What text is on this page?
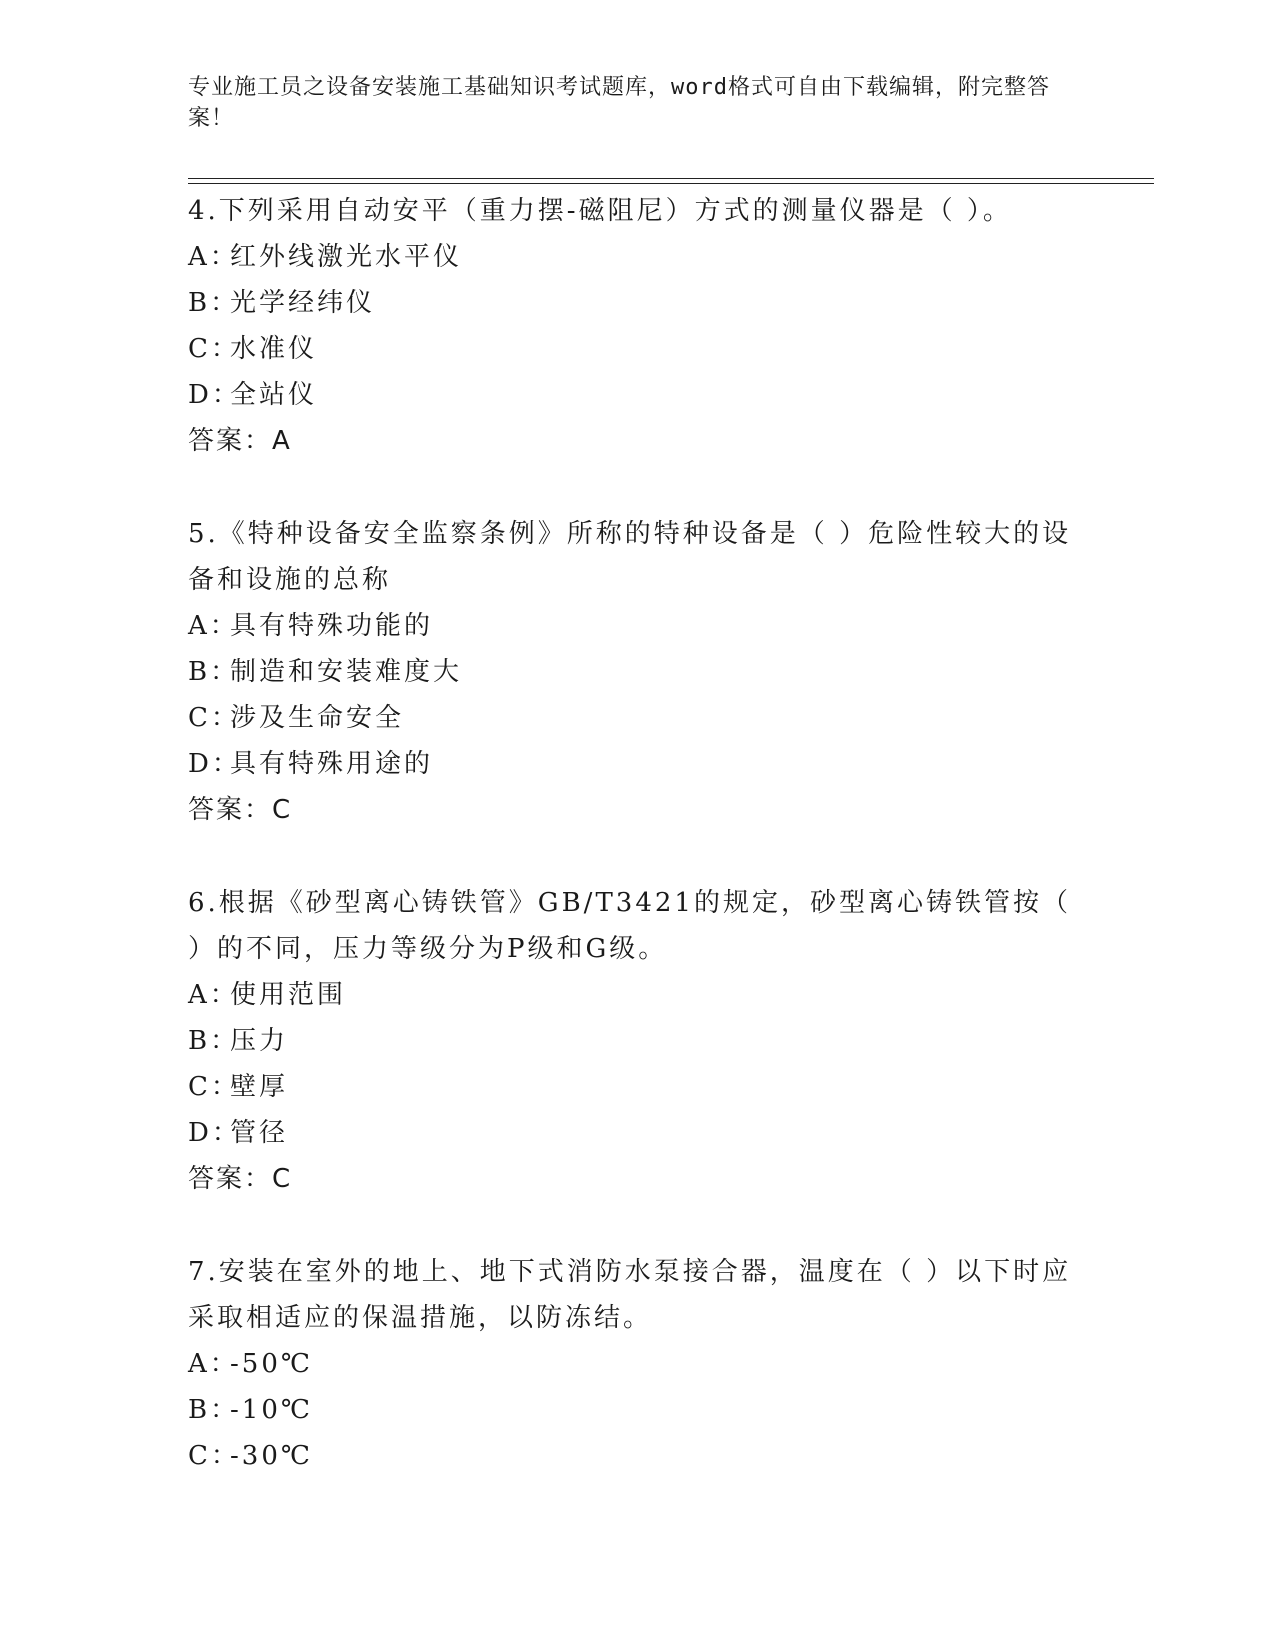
专业施工员之设备安装施工基础知识考试题库，word格式可自由下载编辑，附完整答案！

4.下列采用自动安平（重力摆-磁阻尼）方式的测量仪器是（ ）。

A：红外线激光水平仪

B：光学经纬仪

C：水准仪

D：全站仪

答案：A

5.《特种设备安全监察条例》所称的特种设备是（ ）危险性较大的设备和设施的总称

A：具有特殊功能的

B：制造和安装难度大

C：涉及生命安全

D：具有特殊用途的

答案：C

6.根据《砂型离心铸铁管》GB/T3421的规定，砂型离心铸铁管按（ ）的不同，压力等级分为P级和G级。

A：使用范围

B：压力

C：壁厚

D：管径

答案：C

7.安装在室外的地上、地下式消防水泵接合器，温度在（ ）以下时应采取相适应的保温措施，以防冻结。

A：-50℃

B：-10℃

C：-30℃
